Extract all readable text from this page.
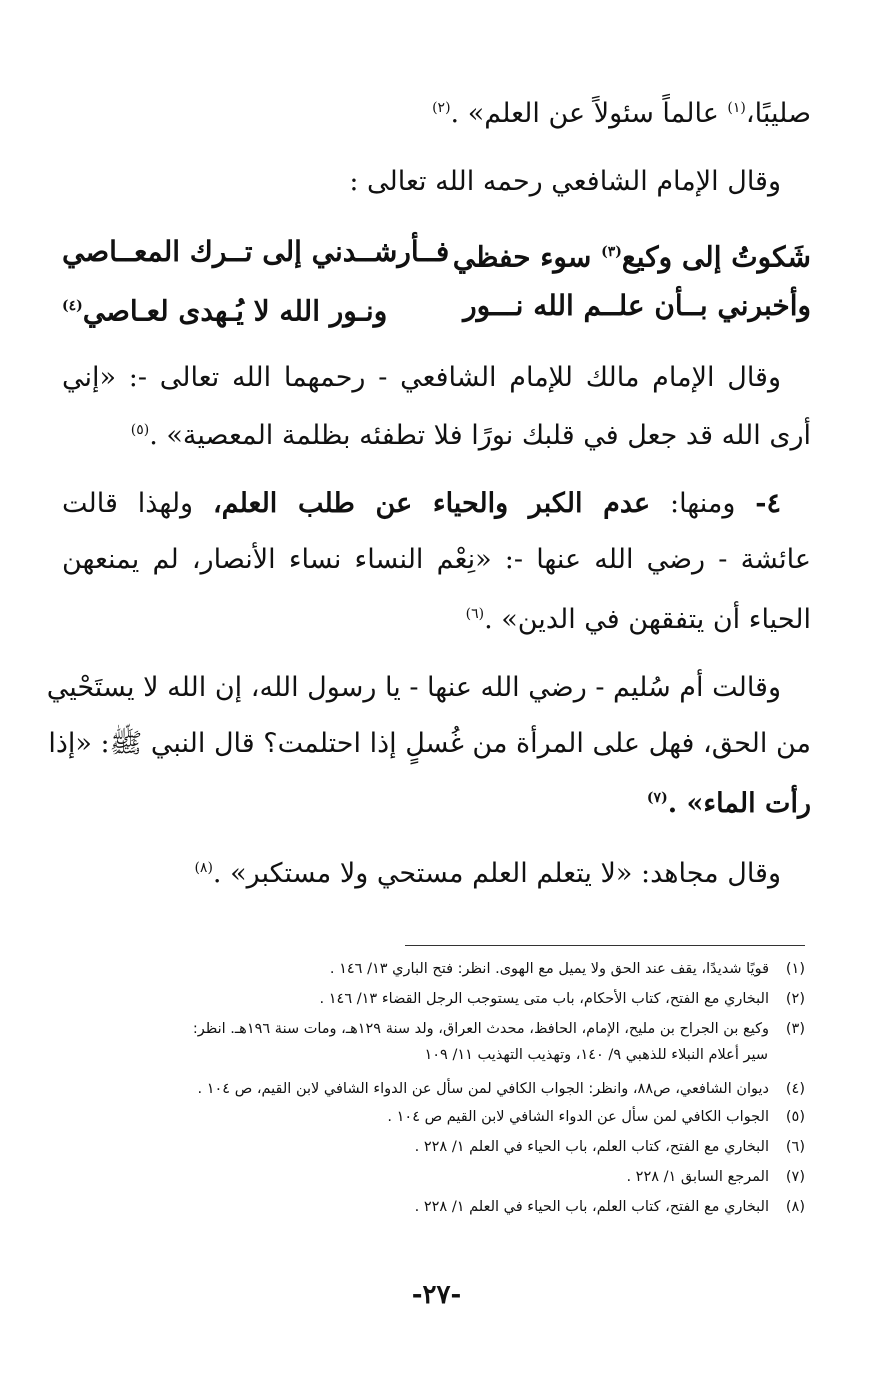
صليبًا،$^{(١)}$ عالماً سئولاً عن العلم» .$^{(٢)}$
وقال الإمام الشافعي رحمه الله تعالى :
شَكوتُ إلى وكيع$^{(٣)}$ سوء حفظي
فــأرشــدني إلى تــرك المعــاصي
وأخبرني بــأن علــم الله نـــور
ونـور الله لا يُـهدى لعـاصي$^{(٤)}$
وقال الإمام مالك للإمام الشافعي - رحمهما الله تعالى -: «إني
أرى الله قد جعل في قلبك نورًا فلا تطفئه بظلمة المعصية» .$^{(٥)}$
٤- ومنها: عدم الكبر والحياء عن طلب العلم، ولهذا قالت
عائشة - رضي الله عنها -: «نِعْم النساء نساء الأنصار، لم يمنعهن
الحياء أن يتفقهن في الدين» .$^{(٦)}$
وقالت أم سُليم - رضي الله عنها - يا رسول الله، إن الله لا يستَحْيي
من الحق، فهل على المرأة من غُسلٍ إذا احتلمت؟ قال النبي ﷺ: «إذا
رأت الماء» .$^{(٧)}$
وقال مجاهد: «لا يتعلم العلم مستحي ولا مستكبر» .$^{(٨)}$
(١)
قويًا شديدًا، يقف عند الحق ولا يميل مع الهوى. انظر: فتح الباري ١٣/ ١٤٦ .
(٢)
البخاري مع الفتح، كتاب الأحكام، باب متى يستوجب الرجل القضاء ١٣/ ١٤٦ .
(٣)
وكيع بن الجراح بن مليح، الإمام، الحافظ، محدث العراق، ولد سنة ١٢٩هـ، ومات سنة ١٩٦هـ. انظر:
سير أعلام النبلاء للذهبي ٩/ ١٤٠، وتهذيب التهذيب ١١/ ١٠٩
(٤)
ديوان الشافعي، ص٨٨، وانظر: الجواب الكافي لمن سأل عن الدواء الشافي لابن القيم، ص ١٠٤ .
(٥)
الجواب الكافي لمن سأل عن الدواء الشافي لابن القيم ص ١٠٤ .
(٦)
البخاري مع الفتح، كتاب العلم، باب الحياء في العلم ١/ ٢٢٨ .
(٧)
المرجع السابق ١/ ٢٢٨ .
(٨)
البخاري مع الفتح، كتاب العلم، باب الحياء في العلم ١/ ٢٢٨ .
-٢٧-
